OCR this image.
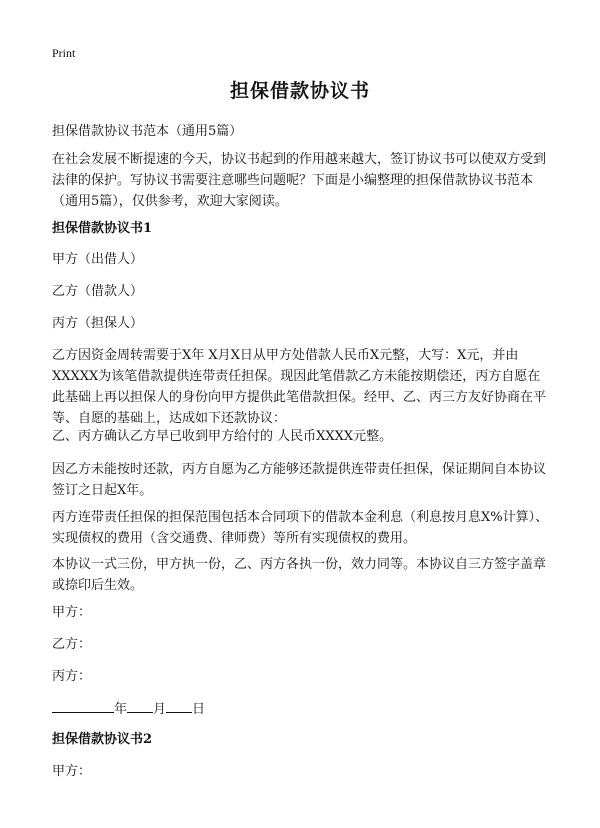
Print
担保借款协议书

担保借款协议书范本（通用5篇）

在社会发展不断提速的今天，协议书起到的作用越来越大，签订协议书可以使双方受到法律的保护。写协议书需要注意哪些问题呢？下面是小编整理的担保借款协议书范本（通用5篇），仅供参考，欢迎大家阅读。

担保借款协议书1

甲方（出借人）

乙方（借款人）

丙方（担保人）

乙方因资金周转需要于X年 X月X日从甲方处借款人民币X元整，大写：X元，并由XXXXX为该笔借款提供连带责任担保。现因此笔借款乙方未能按期偿还，丙方自愿在此基础上再以担保人的身份向甲方提供此笔借款担保。经甲、乙、丙三方友好协商在平等、自愿的基础上，达成如下还款协议：

乙、丙方确认乙方早已收到甲方给付的 人民币XXXX元整。

因乙方未能按时还款，丙方自愿为乙方能够还款提供连带责任担保，保证期间自本协议签订之日起X年。

丙方连带责任担保的担保范围包括本合同项下的借款本金利息（利息按月息X%计算）、实现债权的费用（含交通费、律师费）等所有实现债权的费用。

本协议一式三份，甲方执一份，乙、丙方各执一份，效力同等。本协议自三方签字盖章或捺印后生效。

甲方：

乙方：

丙方：

年 月 日

担保借款协议书2

甲方：
